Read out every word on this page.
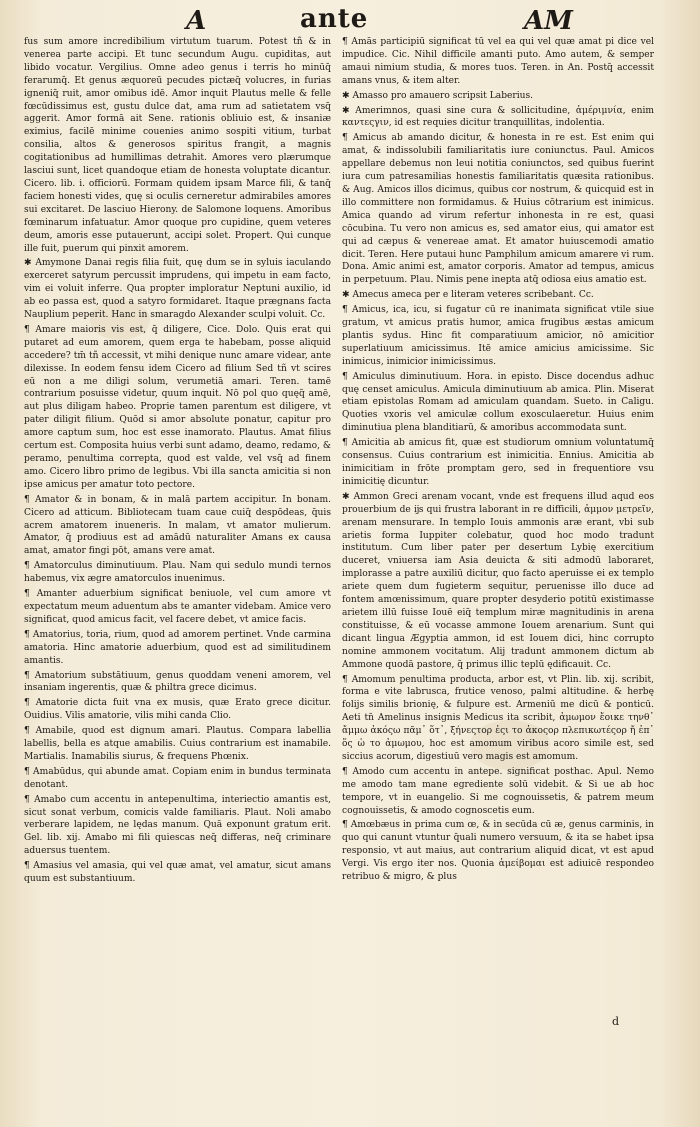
A	ante	AM

fus sum amore incredibilium virtutum tuarum. Potest tñ & in venerea parte accipi. Et tunc secundum Augu. cupiditas, aut libido vocatur. Vergilius. Omne adeo genus i terris ho minūq̄ ferarumq̄. Et genus æquoreū pecudes pictæq̄ volucres, in furias igneniq̄ ruit, amor omibus idē. Amor inquit Plautus melle & felle fœcūdissimus est, gustu dulce dat, ama rum ad satietatem vsq̄ aggerit. Amor formā ait Sene. rationis obliuio est, & insaniæ eximius, facilē minime couenies animo sospiti vitium, turbat consilia, altos & generosos spiritus frangit, a magnis cogitationibus ad humillimas detrahit. Amores vero plærumque lasciui sunt, licet quandoque etiam de honesta voluptate dicantur. Cicero. lib. i. officiorū. Formam quidem ipsam Marce fili, & tanq̄ faciem honesti vides, quę si oculis cerneretur admirabiles amores sui excitaret. De lasciuo Hierony. de Salomone loquens. Amoribus fœminarum infatuatur. Amor quoque pro cupidine, quem veteres deum, amoris esse putauerunt, accipi solet. Propert. Qui cunque ille fuit, puerum qui pinxit amorem.

✱ Amymone Danai regis filia fuit, quę dum se in syluis iaculando exerceret satyrum percussit imprudens, qui impetu in eam facto, vim ei voluit inferre. Qua propter imploratur Neptuni auxilio, id ab eo passa est, quod a satyro formidaret. Itaque prægnans facta Nauplium peperit. Hanc in smaragdo Alexander sculpi voluit. Cc.

¶ Amare maioris vis est, q̄ diligere, Cice. Dolo. Quis erat qui putaret ad eum amorem, quem erga te habebam, posse aliquid accedere? tm̄ tñ accessit, vt mihi denique nunc amare videar, ante dilexisse. In eodem fensu idem Cicero ad filium Sed tñ vt scires eū non a me diligi solum, verumetiā amari. Teren. tamē contrarium posuisse videtur, quum inquit. Nō pol quo quęq̄ amē, aut plus diligam habeo. Proprie tamen parentum est diligere, vt pater diligit filium. Quōd si amor absolute ponatur, capitur pro amore captum sum, hoc est esse inamorato. Plautus. Amat filius certum est. Composita huius verbi sunt adamo, deamo, redamo, & peramo, penultima correpta, quod est valde, vel vsq̄ ad finem amo. Cicero libro primo de legibus. Vbi illa sancta amicitia si non ipse amicus per amatur toto pectore.

¶ Amator & in bonam, & in malā partem accipitur. In bonam. Cicero ad atticum. Bibliotecam tuam caue cuiq̄ despōdeas, q̄uis acrem amatorem inueneris. In malam, vt amator mulierum. Amator, q̄ prodiuus est ad amādū naturaliter Amans ex causa amat, amator fingi pōt, amans vere amat.

¶ Amatorculus diminutiuum. Plau. Nam qui sedulo mundi ternos habemus, vix ægre amatorculos inuenimus.

¶ Amanter aduerbium significat beniuole, vel cum amore vt expectatum meum aduentum abs te amanter videbam. Amice vero significat, quod amicus facit, vel facere debet, vt amice facis.

¶ Amatorius, toria, rium, quod ad amorem pertinet. Vnde carmina amatoria. Hinc amatorie aduerbium, quod est ad similitudinem amantis.

¶ Amatorium substātiuum, genus quoddam veneni amorem, vel insaniam ingerentis, quæ & philtra grece dicimus.

¶ Amatorie dicta fuit vna ex musis, quæ Erato grece dicitur. Ouidius. Vilis amatorie, vilis mihi canda Clio.

¶ Amabile, quod est dignum amari. Plautus. Compara labellia labellis, bella es atque amabilis. Cuius contrarium est inamabile. Martialis. Inamabilis siurus, & frequens Phœnix.

¶ Amabūdus, qui abunde amat. Copiam enim in bundus terminata denotant.

¶ Amabo cum accentu in antepenultima, interiectio amantis est, sicut sonat verbum, comicis valde familiaris. Plaut. Noli amabo verberare lapidem, ne lędas manum. Quā exponunt gratum erit. Gel. lib. xij. Amabo mi fili quiescas neq̄ differas, neq̄ criminare aduersus tuentem.

¶ Amasius vel amasia, qui vel quæ amat, vel amatur, sicut amans quum est substantiuum.

¶ Amās participiū significat tū vel ea qui vel quæ amat pi dice vel impudice. Cic. Nihil difficile amanti puto. Amo autem, & semper amaui nimium studia, & mores tuos. Teren. in An. Postq̄ accessit amans vnus, & item alter.

✱ Amasso pro amauero scripsit Laberius.

✱ Amerimnos, quasi sine cura & sollicitudine, ἀμέριμνία, enim καντεςγιν, id est requies dicitur tranquillitas, indolentia.

¶ Amicus ab amando dicitur, & honesta in re est. Est enim qui amat, & indissolubili familiaritatis iure coniunctus. Paul. Amicos appellare debemus non leui notitia coniunctos, sed quibus fuerint iura cum patresamilias honestis familiaritatis quæsita rationibus. & Aug. Amicos illos dicimus, quibus cor nostrum, & quicquid est in illo committere non formidamus. & Huius cōtrarium est inimicus. Amica quando ad virum refertur inhonesta in re est, quasi cōcubina. Tu vero non amicus es, sed amator eius, qui amator est qui ad cæpus & venereae amat. Et amator huiuscemodi amatio dicit. Teren. Here putaui hunc Pamphilum amicum amarere vi rum. Dona. Amic animi est, amator corporis. Amator ad tempus, amicus in perpetuum. Plau. Nimis pene inepta atq̄ odiosa eius amatio est.

✱ Amecus ameca per e literam veteres scribebant. Cc.

¶ Amicus, ica, icu, si fugatur cū re inanimata significat vtile siue gratum, vt amicus pratis humor, amica frugibus æstas amicum plantis sydus. Hinc fit comparatiuum amicior, nō amicitior superlatiuum amicissimus. Itē amice amicius amicissime. Sic inimicus, inimicior inimicissimus.

¶ Amiculus diminutiuum. Hora. in episto. Disce docendus adhuc quę censet amiculus. Amicula diminutiuum ab amica. Plin. Miserat etiam epistolas Romam ad amiculam quandam. Sueto. in Caligu. Quoties vxoris vel amiculæ collum exosculaeretur. Huius enim diminutiua plena blanditiarū, & amoribus accommodata sunt.

¶ Amicitia ab amicus fit, quæ est studiorum omnium voluntatumq̄ consensus. Cuius contrarium est inimicitia. Ennius. Amicitia ab inimicitiam in frōte promptam gero, sed in frequentiore vsu inimicitię dicuntur.

✱ Ammon Greci arenam vocant, vnde est frequens illud aqud eos prouerbium de ĳs qui frustra laborant in re difficili, ἀμμον μετρεῖν, arenam mensurare. In templo Iouis ammonis aræ erant, vbi sub arietis forma Iuppiter colebatur, quod hoc modo tradunt institutum. Cum liber pater per desertum Lybię exercitium duceret, vniuersa iam Asia deuicta & siti admodū laboraret, implorasse a patre auxiliū dicitur, quo facto aperuisse ei ex templo ariete quem dum fugieterm sequitur, peruenisse illo duce ad fontem amœnissimum, quare propter desyderio potitū existimasse arietem illū fuisse Iouē eiq̄ templum miræ magnitudinis in arena constituisse, & eū vocasse ammone Iouem arenarium. Sunt qui dicant lingua Ægyptia ammon, id est Iouem dici, hinc corrupto nomine ammonem vocitatum. Alij tradunt ammonem dictum ab Ammone quodā pastore, q̄ primus illic teplū ędificauit. Cc.

¶ Amomum penultima producta, arbor est, vt Plin. lib. xij. scribit, forma e vite labrusca, frutice venoso, palmi altitudine. & herbę folijs similis brionię, & fulpure est. Armeniū me dicū & ponticū. Aeti tn̄ Amelinus insignis Medicus ita scribit, ἀμωμον ἔοικε τηνθ᾽ ἄμμω ἀκόςω πᾶμ᾽ ὅτ᾽, ξήνεςτορ ἐςι το ἀκοςορ πλεπικωτέςορ ἤ ἐπ᾽ ὅς ὡ το ἀμωμου, hoc est amomum viribus acoro simile est, sed siccius acorum, digestiuū vero magis est amomum.

¶ Amodo cum accentu in antepe. significat posthac. Apul. Nemo me amodo tam mane egrediente solū videbit. & Si ue ab hoc tempore, vt in euangelio. Si me cognouissetis, & patrem meum cognouissetis, & amodo cognoscetis eum.

¶ Amœbæus in prima cum œ, & in secūda cū æ, genus carminis, in quo qui canunt vtuntur q̄uali numero versuum, & ita se habet ipsa responsio, vt aut maius, aut contrarium aliquid dicat, vt est apud Vergi. Vis ergo iter nos. Quonia ἀμείβομαι est adiuicē respondeo retribuo & migro, & plus

d
